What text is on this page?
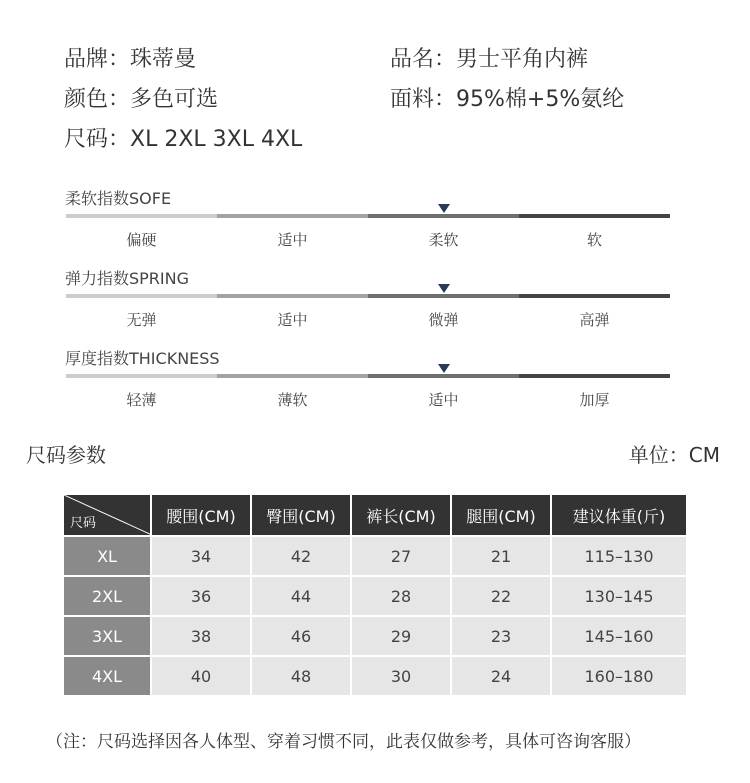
品牌：珠蒂曼	品名：男士平角内裤
颜色：多色可选	面料：95%棉+5%氨纶
尺码：XL 2XL 3XL 4XL
柔软指数SOFE
偏硬	适中	柔软	软
弹力指数SPRING
无弹	适中	微弹	高弹
厚度指数THICKNESS
轻薄	薄软	适中	加厚
尺码参数	单位：CM
尺码	腰围(CM)	臀围(CM)	裤长(CM)	腿围(CM)	建议体重(斤)
XL	34	42	27	21	115–130
2XL	36	44	28	22	130–145
3XL	38	46	29	23	145–160
4XL	40	48	30	24	160–180
（注：尺码选择因各人体型、穿着习惯不同，此表仅做参考，具体可咨询客服）
